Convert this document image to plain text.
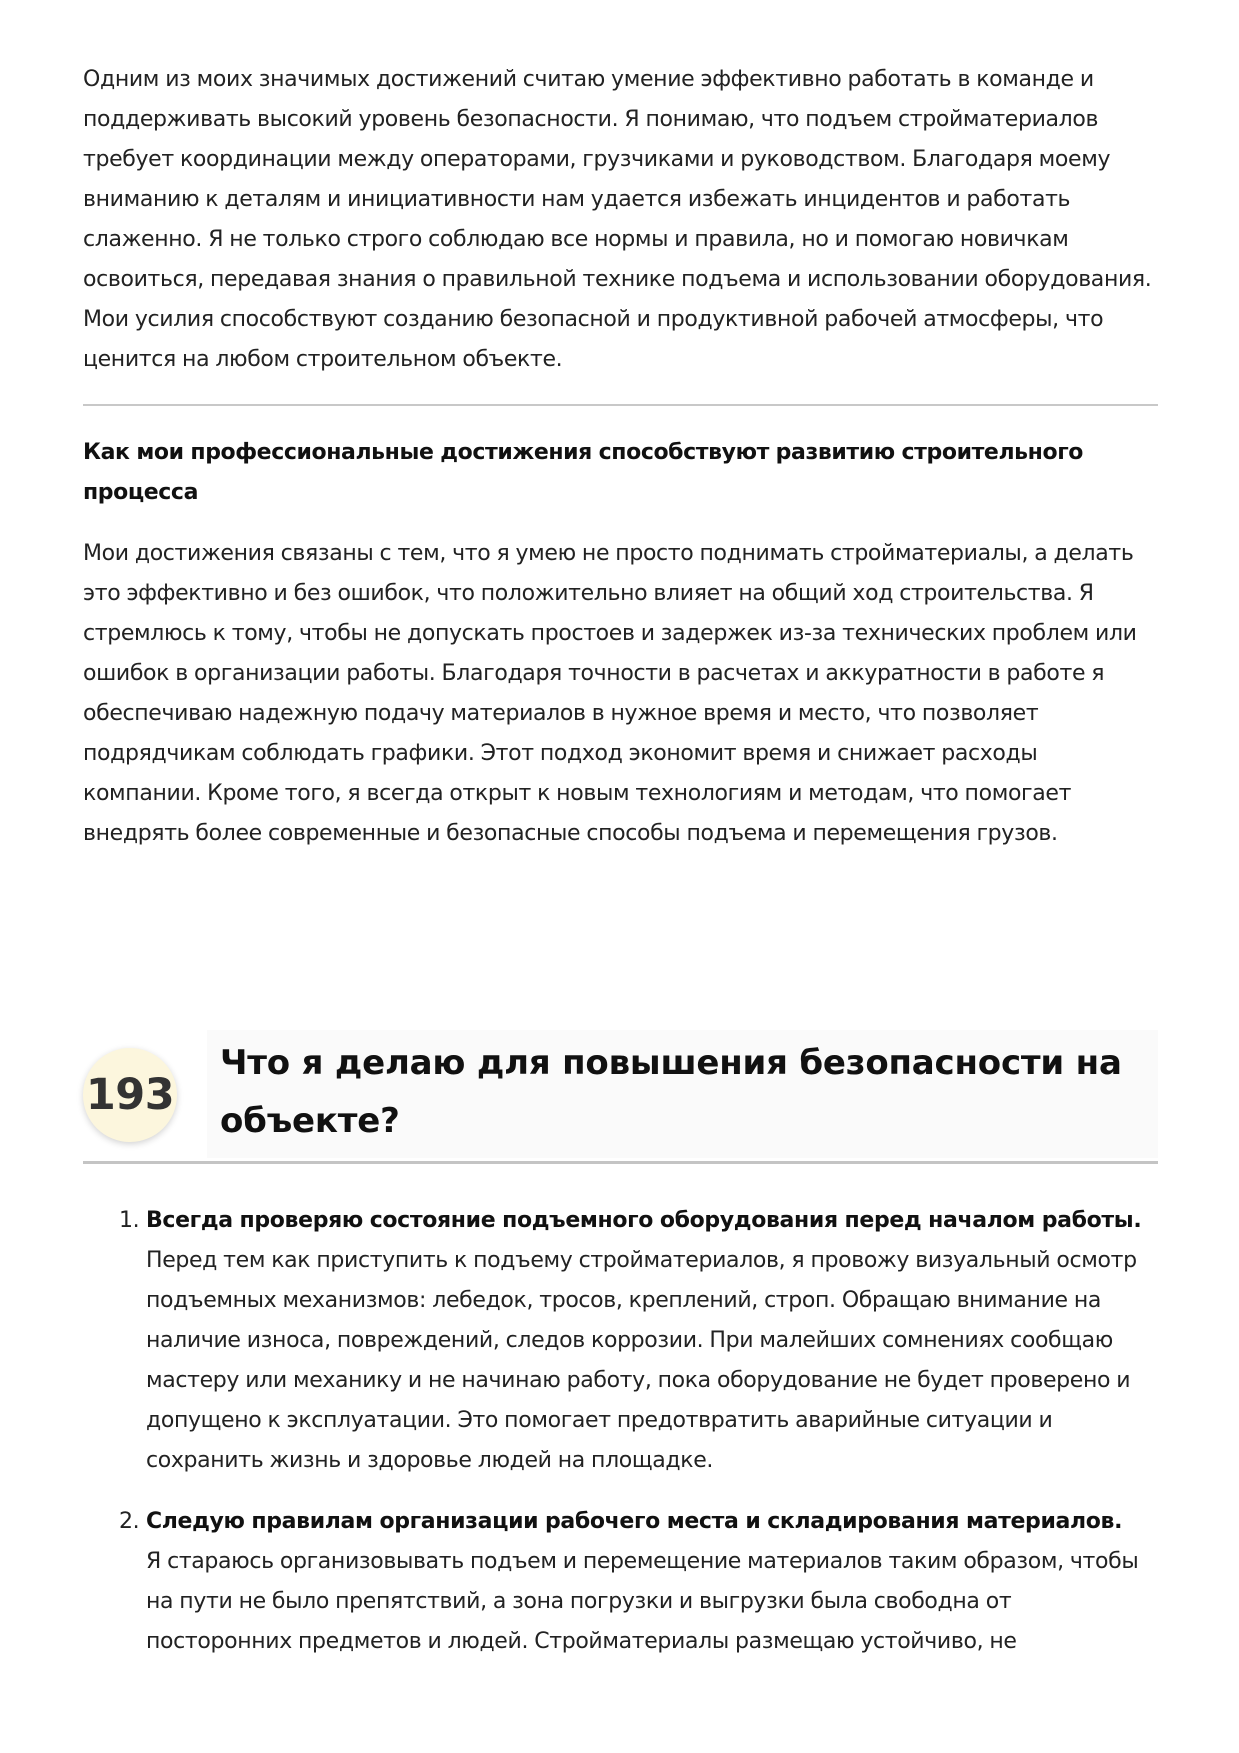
Одним из моих значимых достижений считаю умение эффективно работать в команде и поддерживать высокий уровень безопасности. Я понимаю, что подъем стройматериалов требует координации между операторами, грузчиками и руководством. Благодаря моему вниманию к деталям и инициативности нам удается избежать инцидентов и работать слаженно. Я не только строго соблюдаю все нормы и правила, но и помогаю новичкам освоиться, передавая знания о правильной технике подъема и использовании оборудования. Мои усилия способствуют созданию безопасной и продуктивной рабочей атмосферы, что ценится на любом строительном объекте.

Как мои профессиональные достижения способствуют развитию строительного процесса

Мои достижения связаны с тем, что я умею не просто поднимать стройматериалы, а делать это эффективно и без ошибок, что положительно влияет на общий ход строительства. Я стремлюсь к тому, чтобы не допускать простоев и задержек из-за технических проблем или ошибок в организации работы. Благодаря точности в расчетах и аккуратности в работе я обеспечиваю надежную подачу материалов в нужное время и место, что позволяет подрядчикам соблюдать графики. Этот подход экономит время и снижает расходы компании. Кроме того, я всегда открыт к новым технологиям и методам, что помогает внедрять более современные и безопасные способы подъема и перемещения грузов.

193
Что я делаю для повышения безопасности на объекте?
1. Всегда проверяю состояние подъемного оборудования перед началом работы.
Перед тем как приступить к подъему стройматериалов, я провожу визуальный осмотр подъемных механизмов: лебедок, тросов, креплений, строп. Обращаю внимание на наличие износа, повреждений, следов коррозии. При малейших сомнениях сообщаю мастеру или механику и не начинаю работу, пока оборудование не будет проверено и допущено к эксплуатации. Это помогает предотвратить аварийные ситуации и сохранить жизнь и здоровье людей на площадке.
2. Следую правилам организации рабочего места и складирования материалов.
Я стараюсь организовывать подъем и перемещение материалов таким образом, чтобы на пути не было препятствий, а зона погрузки и выгрузки была свободна от посторонних предметов и людей. Стройматериалы размещаю устойчиво, не
